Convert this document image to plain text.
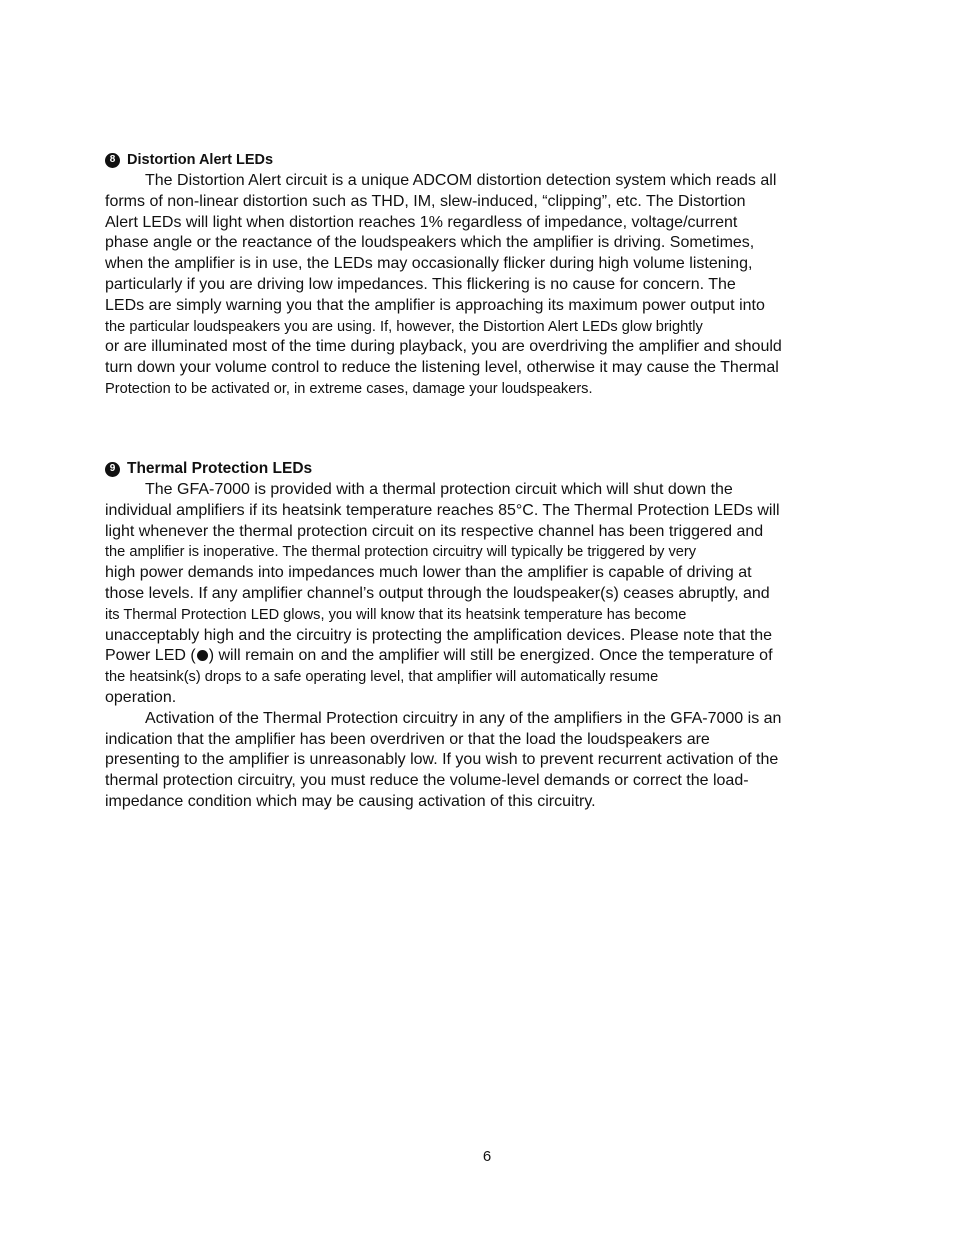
8 Distortion Alert LEDs

The Distortion Alert circuit is a unique ADCOM distortion detection system which reads all
forms of non-linear distortion such as THD, IM, slew-induced, “clipping”, etc. The Distortion
Alert LEDs will light when distortion reaches 1% regardless of impedance, voltage/current
phase angle or the reactance of the loudspeakers which the amplifier is driving. Sometimes,
when the amplifier is in use, the LEDs may occasionally flicker during high volume listening,
particularly if you are driving low impedances. This flickering is no cause for concern. The
LEDs are simply warning you that the amplifier is approaching its maximum power output into
the particular loudspeakers you are using. If, however, the Distortion Alert LEDs glow brightly
or are illuminated most of the time during playback, you are overdriving the amplifier and should
turn down your volume control to reduce the listening level, otherwise it may cause the Thermal
Protection to be activated or, in extreme cases, damage your loudspeakers.

9 Thermal Protection LEDs

The GFA-7000 is provided with a thermal protection circuit which will shut down the
individual amplifiers if its heatsink temperature reaches 85°C. The Thermal Protection LEDs will
light whenever the thermal protection circuit on its respective channel has been triggered and
the amplifier is inoperative. The thermal protection circuitry will typically be triggered by very
high power demands into impedances much lower than the amplifier is capable of driving at
those levels. If any amplifier channel’s output through the loudspeaker(s) ceases abruptly, and
its Thermal Protection LED glows, you will know that its heatsink temperature has become
unacceptably high and the circuitry is protecting the amplification devices. Please note that the
Power LED ( ) will remain on and the amplifier will still be energized. Once the temperature of
the heatsink(s) drops to a safe operating level, that amplifier will automatically resume
operation.

Activation of the Thermal Protection circuitry in any of the amplifiers in the GFA-7000 is an
indication that the amplifier has been overdriven or that the load the loudspeakers are
presenting to the amplifier is unreasonably low. If you wish to prevent recurrent activation of the
thermal protection circuitry, you must reduce the volume-level demands or correct the load-
impedance condition which may be causing activation of this circuitry.

6
